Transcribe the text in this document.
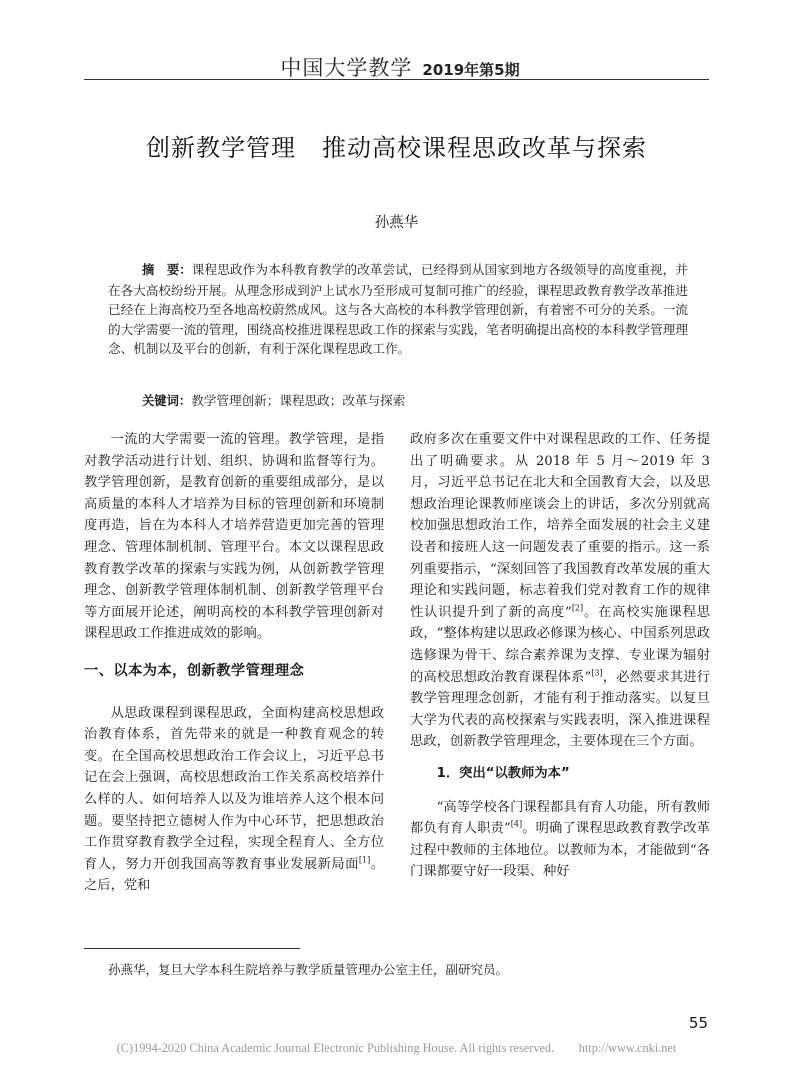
中国大学教学 2019年第5期
创新教学管理 推动高校课程思政改革与探索
孙燕华
摘　要：课程思政作为本科教育教学的改革尝试，已经得到从国家到地方各级领导的高度重视，并在各大高校纷纷开展。从理念形成到沪上试水乃至形成可复制可推广的经验，课程思政教育教学改革推进已经在上海高校乃至各地高校蔚然成风。这与各大高校的本科教学管理创新，有着密不可分的关系。一流的大学需要一流的管理，围绕高校推进课程思政工作的探索与实践，笔者明确提出高校的本科教学管理理念、机制以及平台的创新，有利于深化课程思政工作。
关键词：教学管理创新；课程思政；改革与探索

一流的大学需要一流的管理。教学管理，是指对教学活动进行计划、组织、协调和监督等行为。教学管理创新，是教育创新的重要组成部分，是以高质量的本科人才培养为目标的管理创新和环境制度再造，旨在为本科人才培养营造更加完善的管理理念、管理体制机制、管理平台。本文以课程思政教育教学改革的探索与实践为例，从创新教学管理理念、创新教学管理体制机制、创新教学管理平台等方面展开论述，阐明高校的本科教学管理创新对课程思政工作推进成效的影响。

一、以本为本，创新教学管理理念

从思政课程到课程思政，全面构建高校思想政治教育体系，首先带来的就是一种教育观念的转变。在全国高校思想政治工作会议上，习近平总书记在会上强调，高校思想政治工作关系高校培养什么样的人、如何培养人以及为谁培养人这个根本问题。要坚持把立德树人作为中心环节，把思想政治工作贯穿教育教学全过程，实现全程育人、全方位育人，努力开创我国高等教育事业发展新局面[1]。之后，党和

政府多次在重要文件中对课程思政的工作、任务提出了明确要求。从 2018 年 5 月～2019 年 3 月，习近平总书记在北大和全国教育大会，以及思想政治理论课教师座谈会上的讲话，多次分别就高校加强思想政治工作，培养全面发展的社会主义建设者和接班人这一问题发表了重要的指示。这一系列重要指示，“深刻回答了我国教育改革发展的重大理论和实践问题，标志着我们党对教育工作的规律性认识提升到了新的高度”[2]。在高校实施课程思政，“整体构建以思政必修课为核心、中国系列思政选修课为骨干、综合素养课为支撑、专业课为辐射的高校思想政治教育课程体系”[3]，必然要求其进行教学管理理念创新，才能有利于推动落实。以复旦大学为代表的高校探索与实践表明，深入推进课程思政，创新教学管理理念，主要体现在三个方面。

1．突出“以教师为本”

“高等学校各门课程都具有育人功能，所有教师都负有育人职责”[4]。明确了课程思政教育教学改革过程中教师的主体地位。以教师为本，才能做到“各门课都要守好一段渠、种好

孙燕华，复旦大学本科生院培养与教学质量管理办公室主任，副研究员。
55
(C)1994-2020 China Academic Journal Electronic Publishing House. All rights reserved.　　http://www.cnki.net
